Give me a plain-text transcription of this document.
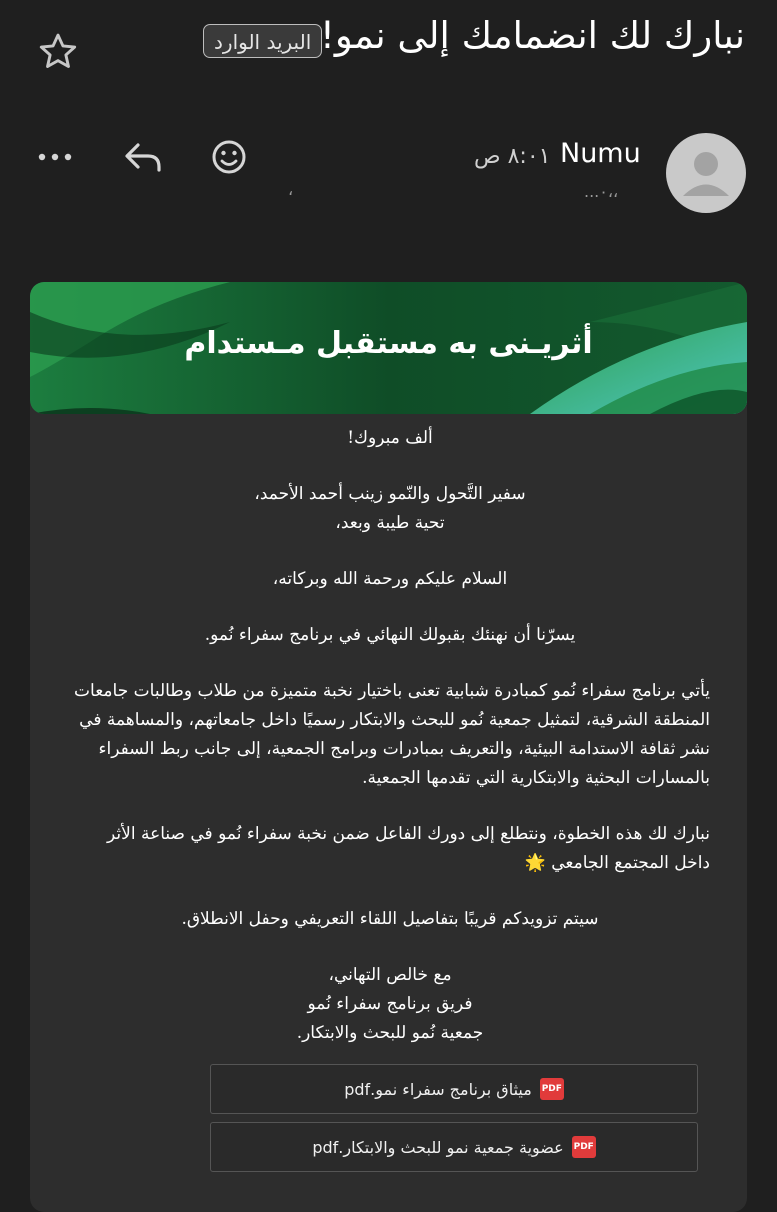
البريد الوارد نبارك لك انضمامك إلى نمو!
٨:٠١ ص Numu
،	...٠،،
أثريـنى به مستقبل مـستدام

ألف مبروك!

سفير التَّحول والنّمو زينب أحمد الأحمد،
تحية طيبة وبعد،

السلام عليكم ورحمة الله وبركاته،

يسرّنا أن نهنئك بقبولك النهائي في برنامج سفراء نُمو.

يأتي برنامج سفراء نُمو كمبادرة شبابية تعنى باختيار نخبة متميزة من طلاب وطالبات جامعات المنطقة الشرقية، لتمثيل جمعية نُمو للبحث والابتكار رسميًا داخل جامعاتهم، والمساهمة في نشر ثقافة الاستدامة البيئية، والتعريف بمبادرات وبرامج الجمعية، إلى جانب ربط السفراء بالمسارات البحثية والابتكارية التي تقدمها الجمعية.

نبارك لك هذه الخطوة، ونتطلع إلى دورك الفاعل ضمن نخبة سفراء نُمو في صناعة الأثر داخل المجتمع الجامعي 🌟

سيتم تزويدكم قريبًا بتفاصيل اللقاء التعريفي وحفل الانطلاق.

مع خالص التهاني،
فريق برنامج سفراء نُمو
جمعية نُمو للبحث والابتكار.

PDF
ميثاق برنامج سفراء نمو.pdf
PDF
عضوية جمعية نمو للبحث والابتكار.pdf
